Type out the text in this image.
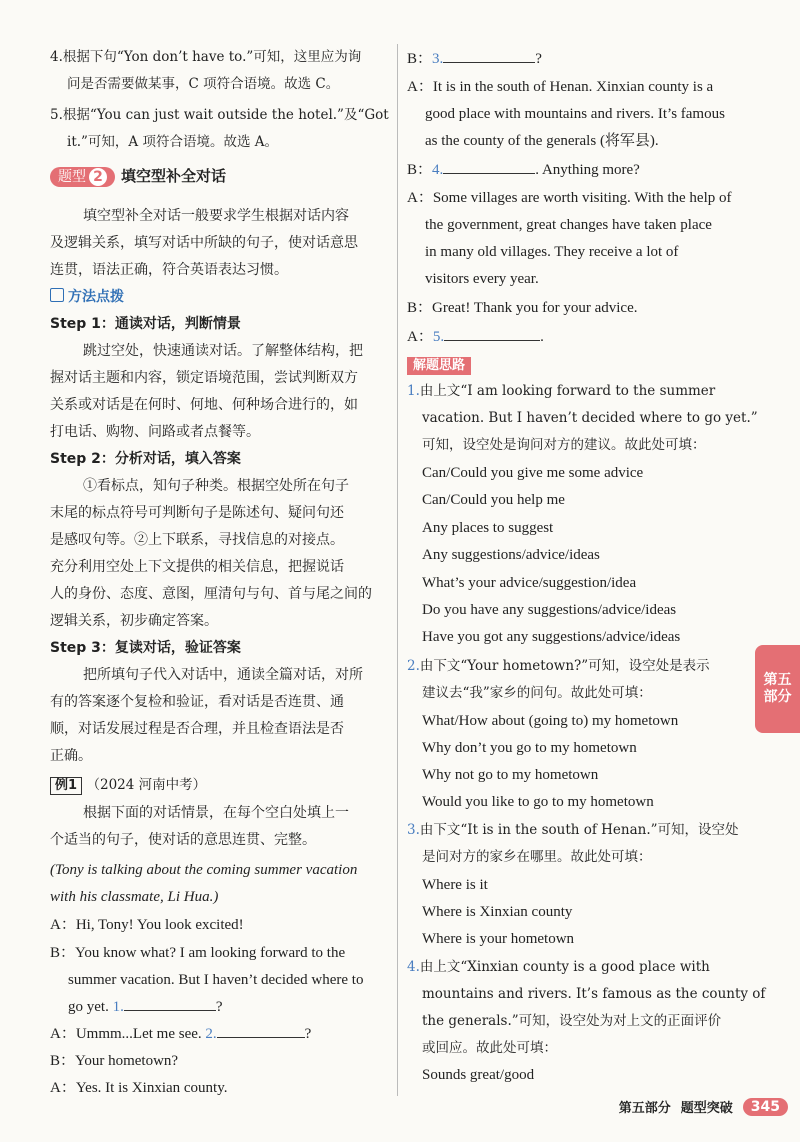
4.根据下句“Yon don’t have to.”可知，这里应为询
问是否需要做某事，C 项符合语境。故选 C。
5.根据“You can just wait outside the hotel.”及“Got
it.”可知，A 项符合语境。故选 A。
题型 2 填空型补全对话
填空型补全对话一般要求学生根据对话内容
及逻辑关系，填写对话中所缺的句子，使对话意思
连贯，语法正确，符合英语表达习惯。
方法点拨
Step 1：通读对话，判断情景
跳过空处，快速通读对话。了解整体结构，把
握对话主题和内容，锁定语境范围，尝试判断双方
关系或对话是在何时、何地、何种场合进行的，如
打电话、购物、问路或者点餐等。
Step 2：分析对话，填入答案
①看标点，知句子种类。根据空处所在句子
末尾的标点符号可判断句子是陈述句、疑问句还
是感叹句等。②上下联系，寻找信息的对接点。
充分利用空处上下文提供的相关信息，把握说话
人的身份、态度、意图，厘清句与句、首与尾之间的
逻辑关系，初步确定答案。
Step 3：复读对话，验证答案
把所填句子代入对话中，通读全篇对话，对所
有的答案逐个复检和验证，看对话是否连贯、通
顺，对话发展过程是否合理，并且检查语法是否
正确。
例1 （2024 河南中考）
根据下面的对话情景，在每个空白处填上一
个适当的句子，使对话的意思连贯、完整。
(Tony is talking about the coming summer vacation
with his classmate, Li Hua.)
A：Hi, Tony! You look excited!
B：You know what? I am looking forward to the
summer vacation. But I haven’t decided where to
go yet. 1.	?
A：Ummm...Let me see. 2.	?
B：Your hometown?
A：Yes. It is Xinxian county.
B：3.	?
A：It is in the south of Henan. Xinxian county is a
good place with mountains and rivers. It’s famous
as the county of the generals (将军县).
B：4.	. Anything more?
A：Some villages are worth visiting. With the help of
the government, great changes have taken place
in many old villages. They receive a lot of
visitors every year.
B：Great! Thank you for your advice.
A：5.	.
解题思路
1.由上文“I am looking forward to the summer
vacation. But I haven’t decided where to go yet.”
可知，设空处是询问对方的建议。故此处可填：
Can/Could you give me some advice
Can/Could you help me
Any places to suggest
Any suggestions/advice/ideas
What’s your advice/suggestion/idea
Do you have any suggestions/advice/ideas
Have you got any suggestions/advice/ideas
2.由下文“Your hometown?”可知，设空处是表示
建议去“我”家乡的问句。故此处可填：
What/How about (going to) my hometown
Why don’t you go to my hometown
Why not go to my hometown
Would you like to go to my hometown
3.由下文“It is in the south of Henan.”可知，设空处
是问对方的家乡在哪里。故此处可填：
Where is it
Where is Xinxian county
Where is your hometown
4.由上文“Xinxian county is a good place with
mountains and rivers. It’s famous as the county of
the generals.”可知，设空处为对上文的正面评价
或回应。故此处可填：
Sounds great/good
第五
部分
第五部分 题型突破	345
